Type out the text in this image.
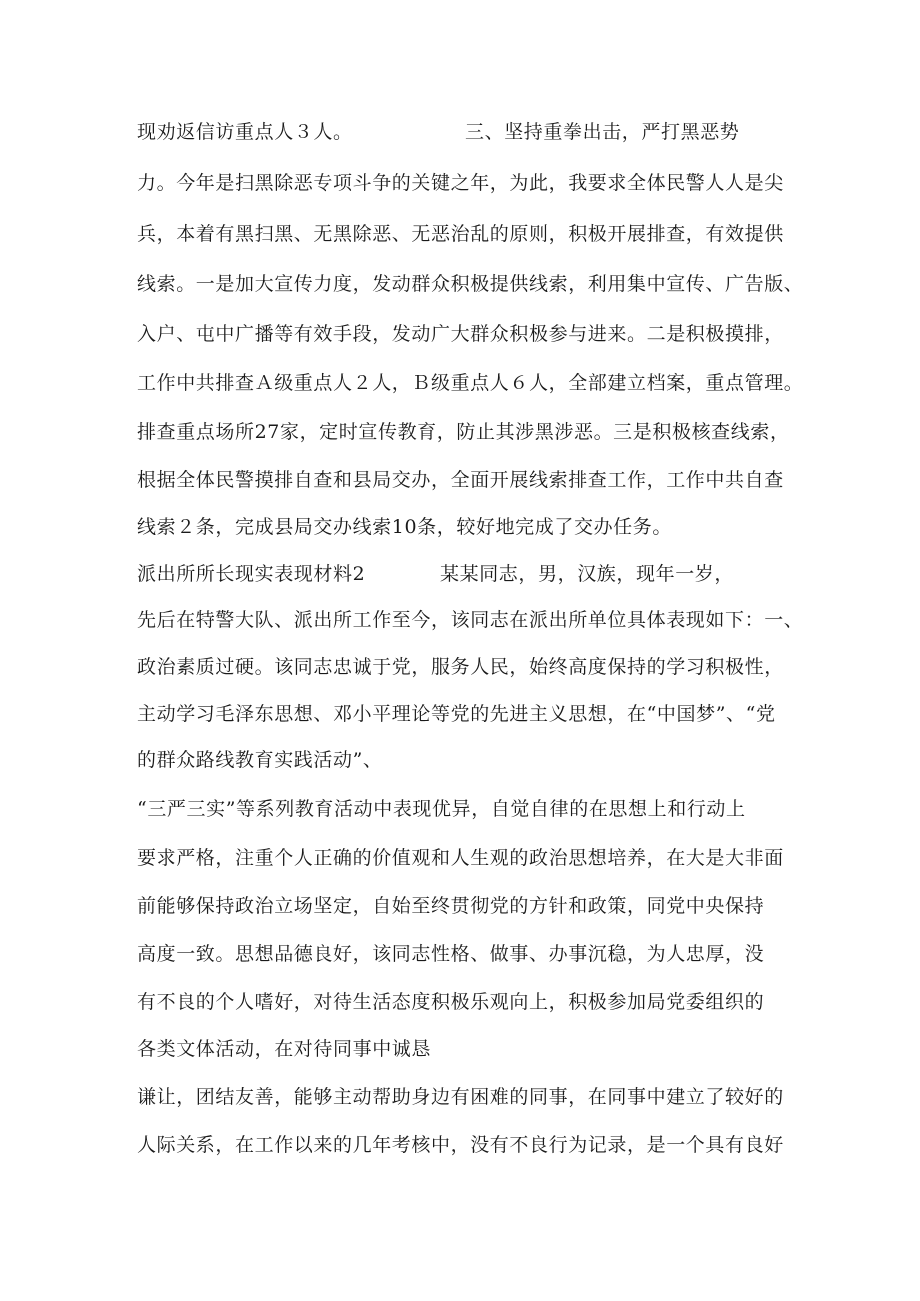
现劝返信访重点人３人。	三、坚持重拳出击，严打黑恶势
力。今年是扫黑除恶专项斗争的关键之年，为此，我要求全体民警人人是尖
兵，本着有黑扫黑、无黑除恶、无恶治乱的原则，积极开展排查，有效提供
线索。一是加大宣传力度，发动群众积极提供线索，利用集中宣传、广告版、
入户、屯中广播等有效手段，发动广大群众积极参与进来。二是积极摸排，
工作中共排查Ａ级重点人２人，Ｂ级重点人６人，全部建立档案，重点管理。
排查重点场所27家，定时宣传教育，防止其涉黑涉恶。三是积极核查线索，
根据全体民警摸排自查和县局交办，全面开展线索排查工作，工作中共自查
线索２条，完成县局交办线索10条，较好地完成了交办任务。
派出所所长现实表现材料2	某某同志，男，汉族，现年一岁，
先后在特警大队、派出所工作至今，该同志在派出所单位具体表现如下：一、
政治素质过硬。该同志忠诚于党，服务人民，始终高度保持的学习积极性，
主动学习毛泽东思想、邓小平理论等党的先进主义思想，在“中国梦”、“党
的群众路线教育实践活动”、
“三严三实”等系列教育活动中表现优异，自觉自律的在思想上和行动上
要求严格，注重个人正确的价值观和人生观的政治思想培养，在大是大非面
前能够保持政治立场坚定，自始至终贯彻党的方针和政策，同党中央保持
高度一致。思想品德良好，该同志性格、做事、办事沉稳，为人忠厚，没
有不良的个人嗜好，对待生活态度积极乐观向上，积极参加局党委组织的
各类文体活动，在对待同事中诚恳
谦让，团结友善，能够主动帮助身边有困难的同事，在同事中建立了较好的
人际关系，在工作以来的几年考核中，没有不良行为记录，是一个具有良好
